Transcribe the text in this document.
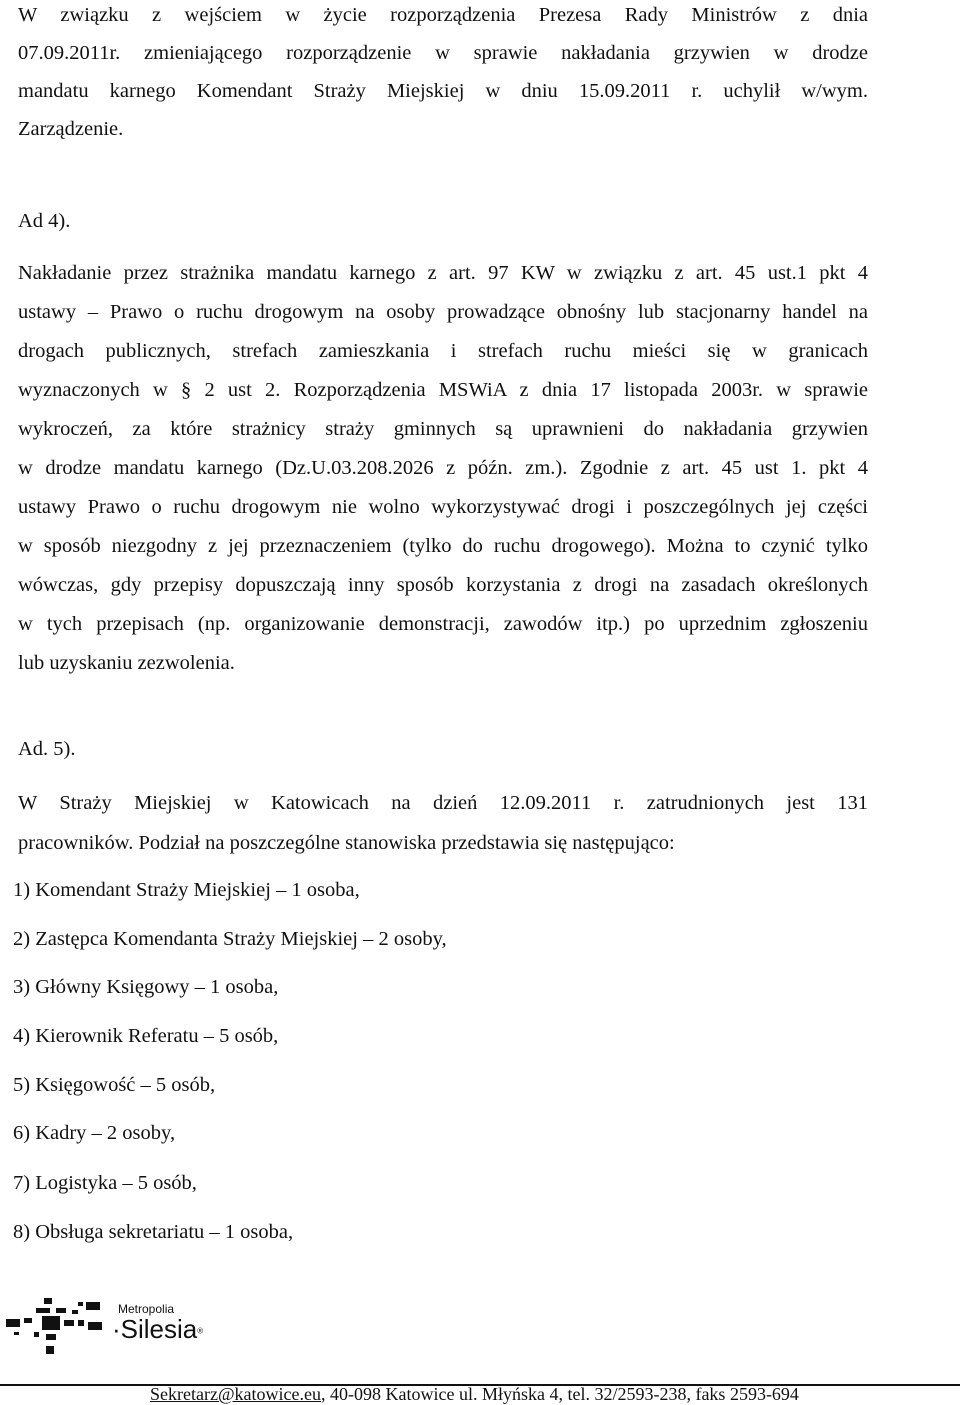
W związku z wejściem w życie rozporządzenia Prezesa Rady Ministrów z dnia
07.09.2011r. zmieniającego rozporządzenie w sprawie nakładania grzywien w drodze
mandatu karnego Komendant Straży Miejskiej w dniu 15.09.2011 r. uchylił w/wym.
Zarządzenie.
Ad 4).
Nakładanie przez strażnika mandatu karnego z art. 97 KW w związku z art. 45 ust.1 pkt 4
ustawy – Prawo o ruchu drogowym na osoby prowadzące obnośny lub stacjonarny handel na
drogach publicznych, strefach zamieszkania i strefach ruchu mieści się w granicach
wyznaczonych w § 2 ust 2. Rozporządzenia MSWiA z dnia 17 listopada 2003r. w sprawie
wykroczeń, za które strażnicy straży gminnych są uprawnieni do nakładania grzywien
w drodze mandatu karnego (Dz.U.03.208.2026 z późn. zm.). Zgodnie z art. 45 ust 1. pkt 4
ustawy Prawo o ruchu drogowym nie wolno wykorzystywać drogi i poszczególnych jej części
w sposób niezgodny z jej przeznaczeniem (tylko do ruchu drogowego). Można to czynić tylko
wówczas, gdy przepisy dopuszczają inny sposób korzystania z drogi na zasadach określonych
w tych przepisach (np. organizowanie demonstracji, zawodów itp.) po uprzednim zgłoszeniu
lub uzyskaniu zezwolenia.
Ad. 5).
W Straży Miejskiej w Katowicach na dzień 12.09.2011 r. zatrudnionych jest 131
pracowników. Podział na poszczególne stanowiska przedstawia się następująco:
1) Komendant Straży Miejskiej – 1 osoba,
2) Zastępca Komendanta Straży Miejskiej – 2 osoby,
3) Główny Księgowy – 1 osoba,
4) Kierownik Referatu – 5 osób,
5) Księgowość – 5 osób,
6) Kadry – 2 osoby,
7) Logistyka – 5 osób,
8) Obsługa sekretariatu – 1 osoba,
Metropolia
·Silesia®
Sekretarz@katowice.eu, 40-098 Katowice ul. Młyńska 4, tel. 32/2593-238, faks 2593-694
